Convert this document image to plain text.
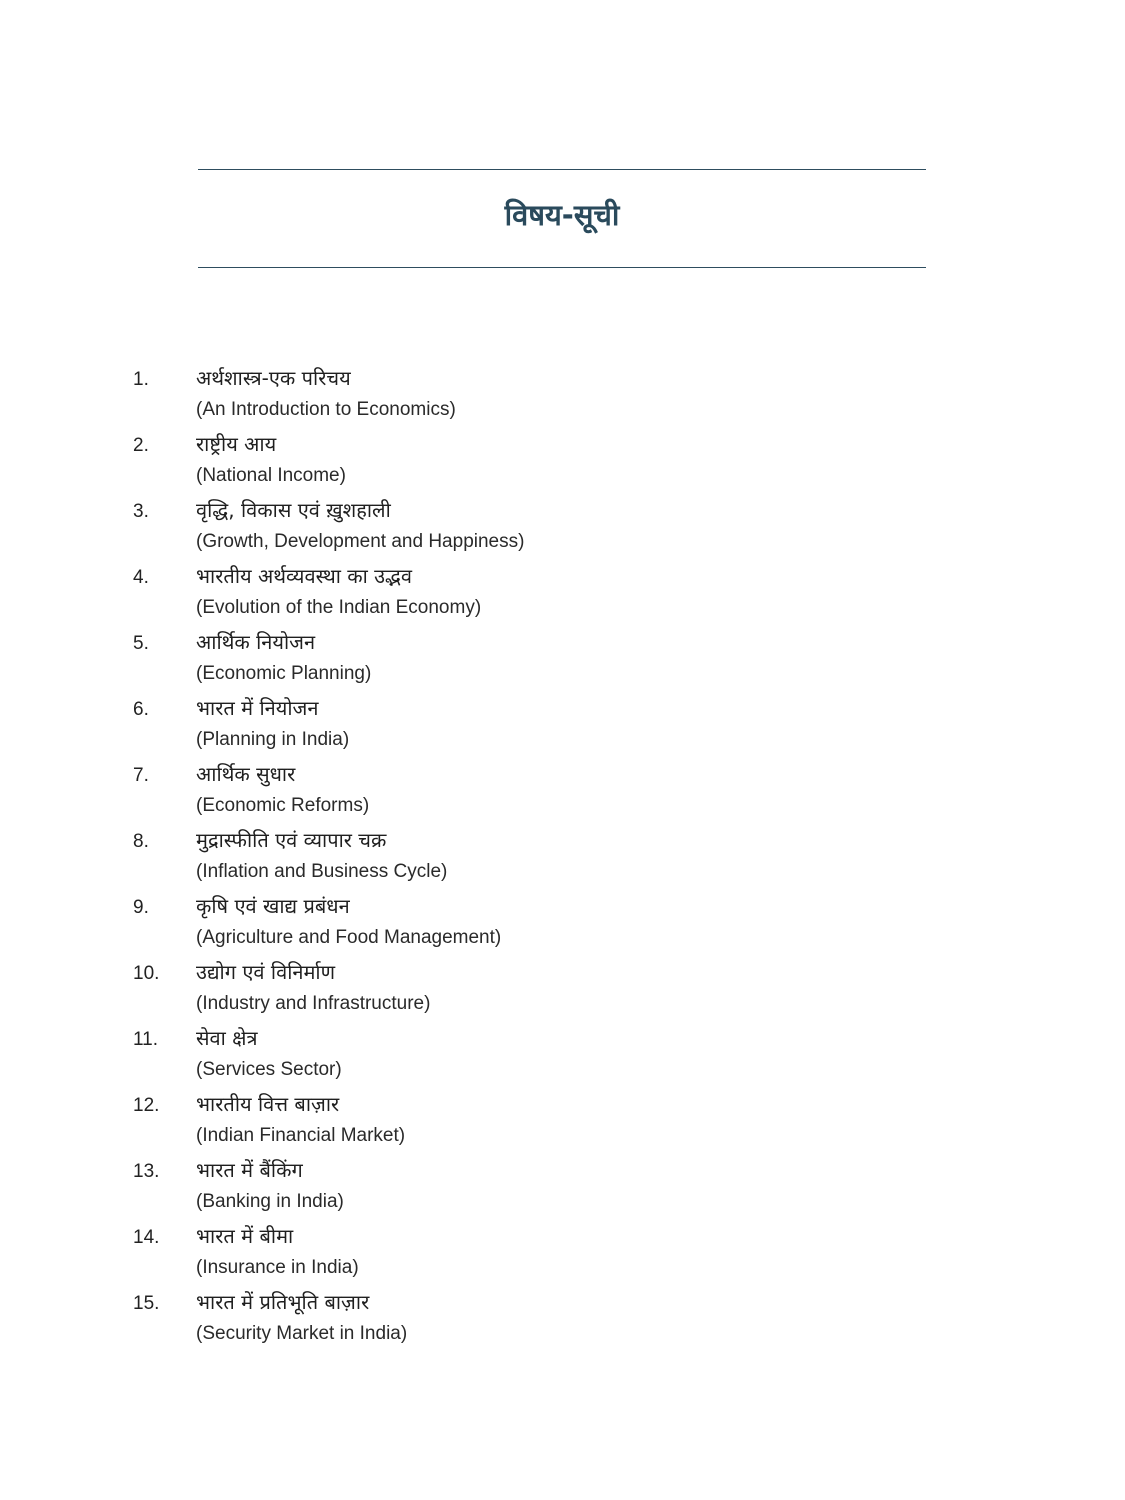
विषय-सूची
1. अर्थशास्त्र-एक परिचय
(An Introduction to Economics)
2. राष्ट्रीय आय
(National Income)
3. वृद्धि, विकास एवं ख़ुशहाली
(Growth, Development and Happiness)
4. भारतीय अर्थव्यवस्था का उद्भव
(Evolution of the Indian Economy)
5. आर्थिक नियोजन
(Economic Planning)
6. भारत में नियोजन
(Planning in India)
7. आर्थिक सुधार
(Economic Reforms)
8. मुद्रास्फीति एवं व्यापार चक्र
(Inflation and Business Cycle)
9. कृषि एवं खाद्य प्रबंधन
(Agriculture and Food Management)
10. उद्योग एवं विनिर्माण
(Industry and Infrastructure)
11. सेवा क्षेत्र
(Services Sector)
12. भारतीय वित्त बाज़ार
(Indian Financial Market)
13. भारत में बैंकिंग
(Banking in India)
14. भारत में बीमा
(Insurance in India)
15. भारत में प्रतिभूति बाज़ार
(Security Market in India)
